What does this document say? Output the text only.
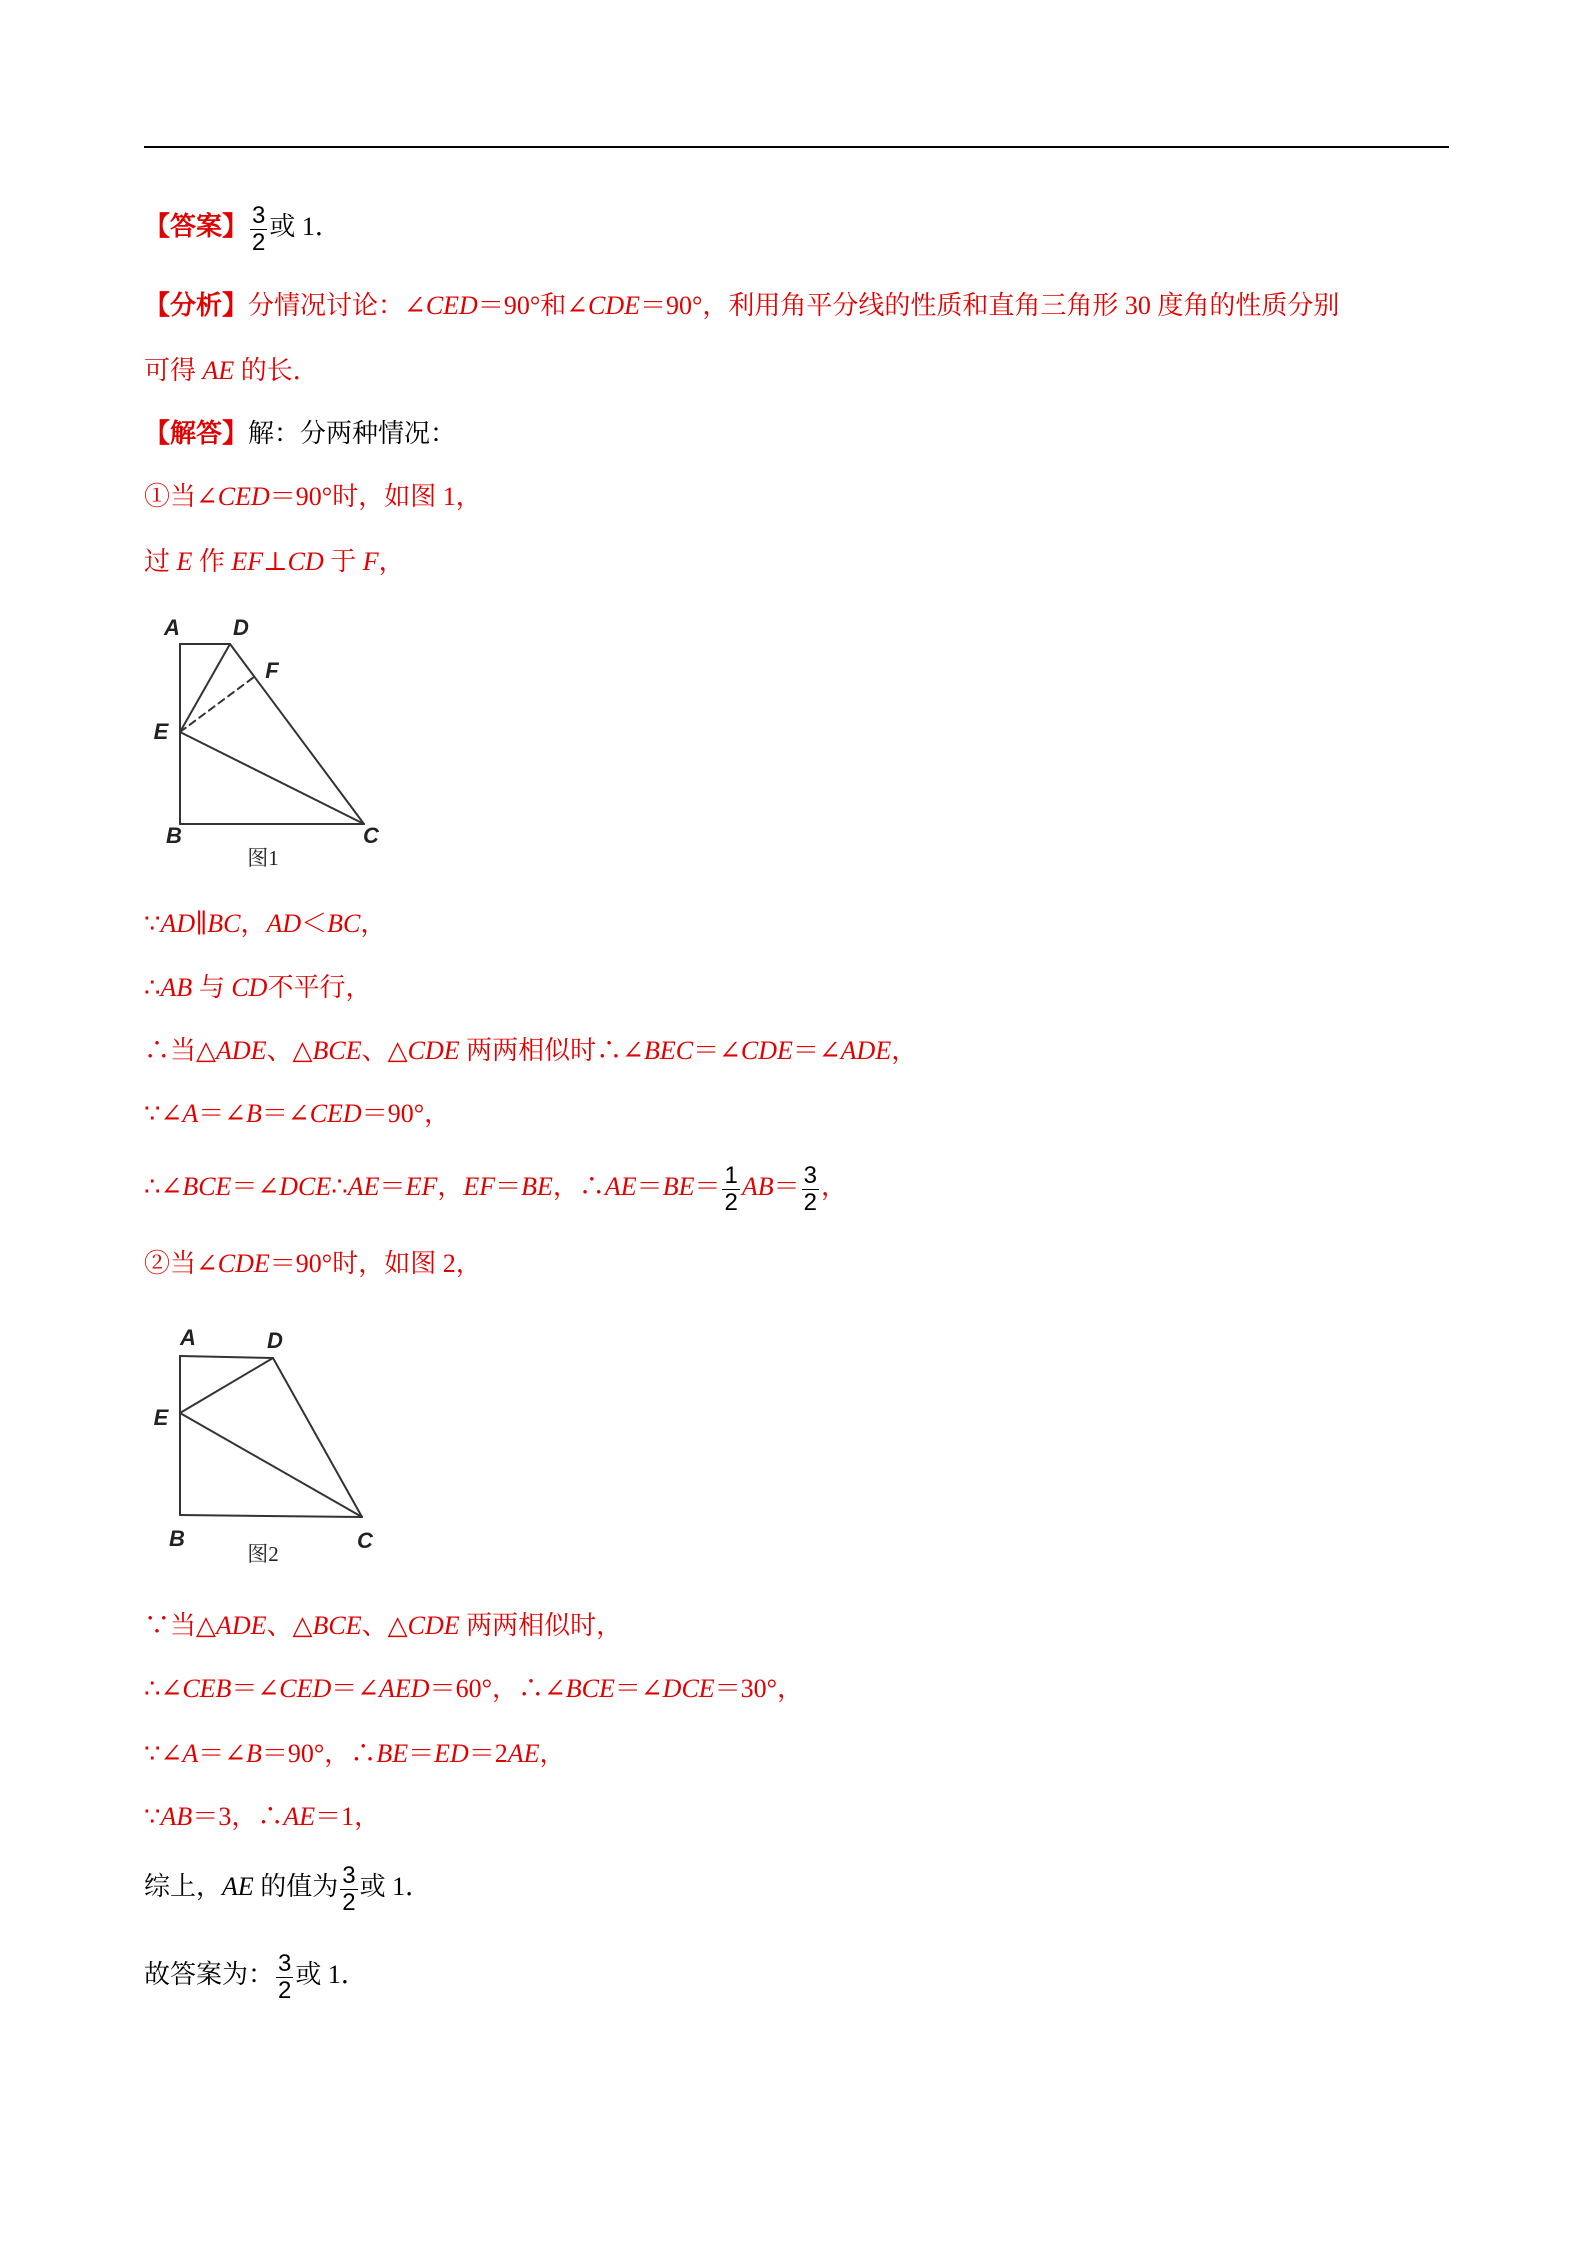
【答案】 $\frac{3}{2}$ 或 1．
【分析】分情况讨论：∠CED＝90°和∠CDE＝90°，利用角平分线的性质和直角三角形 30 度角的性质分别
可得 AE 的长．
【解答】解：分两种情况：
①当∠CED＝90°时，如图 1，
过 E 作 EF⊥CD 于 F，
A D
F
E
B	C
图1
∵AD∥BC，AD＜BC，
∴AB 与 CD不平行，
∴当△ADE、△BCE、△CDE 两两相似时∴∠BEC＝∠CDE＝∠ADE，
∵∠A＝∠B＝∠CED＝90°，
∴∠BCE＝∠DCE∴AE＝EF，EF＝BE，∴AE＝BE＝ $\frac{1}{2} AB= \frac{3}{2}$ ，
②当∠CDE＝90°时，如图 2，
A	D
E
B	C
图2
∵当△ADE、△BCE、△CDE 两两相似时，
∴∠CEB＝∠CED＝∠AED＝60°，∴∠BCE＝∠DCE＝30°，
∵∠A＝∠B＝90°，∴BE＝ED＝2AE，
∵AB＝3，∴AE＝1，
综上，AE 的值为 $\frac{3}{2}$ 或 1．
故答案为： $\frac{3}{2}$ 或 1．
